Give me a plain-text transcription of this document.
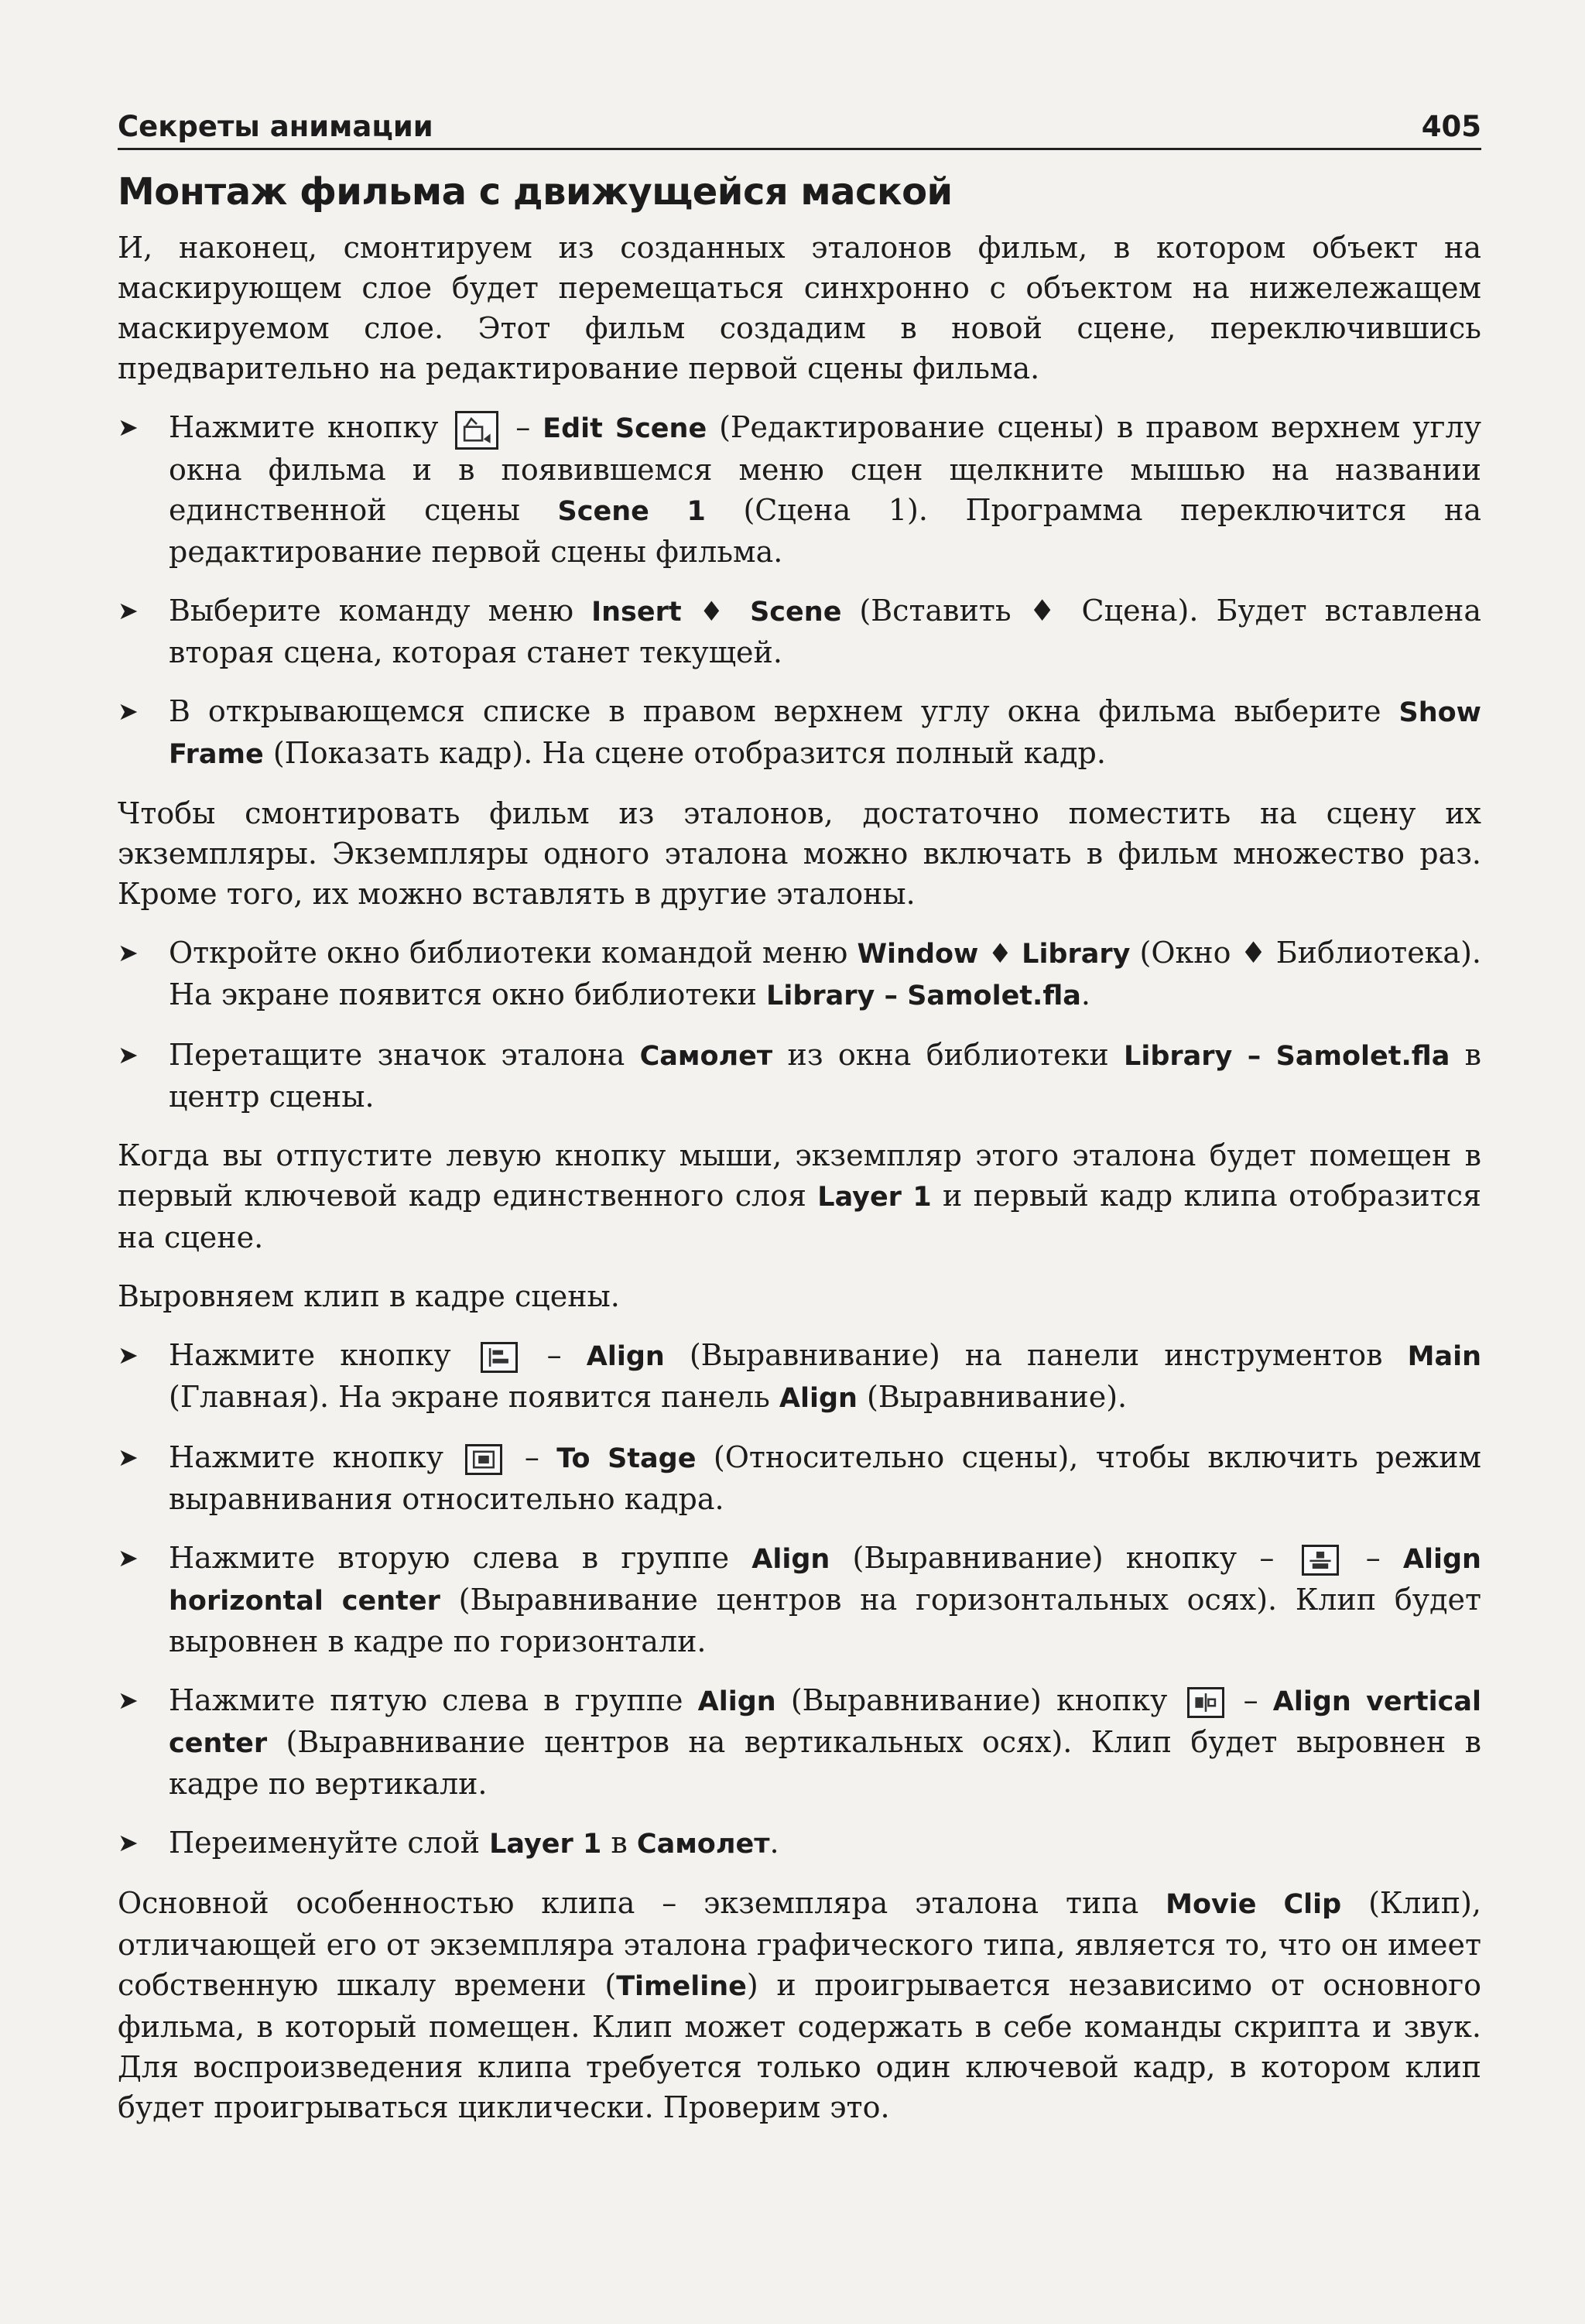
Секреты анимации	405
Монтаж фильма с движущейся маской

И, наконец, смонтируем из созданных эталонов фильм, в котором объект на маскирующем слое будет перемещаться синхронно с объектом на нижележащем маскируемом слое. Этот фильм создадим в новой сцене, переключившись предварительно на редактирование первой сцены фильма.

➤	Нажмите кнопку
– Edit Scene (Редактирование сцены) в правом верхнем углу окна фильма и в появившемся меню сцен щелкните мышью на названии единственной сцены Scene 1 (Сцена 1). Программа переключится на редактирование первой сцены фильма.
➤	Выберите команду меню Insert ♦ Scene (Вставить ♦ Сцена). Будет вставлена вторая сцена, которая станет текущей.
➤	В открывающемся списке в правом верхнем углу окна фильма выберите Show Frame (Показать кадр). На сцене отобразится полный кадр.

Чтобы смонтировать фильм из эталонов, достаточно поместить на сцену их экземпляры. Экземпляры одного эталона можно включать в фильм множество раз. Кроме того, их можно вставлять в другие эталоны.

➤	Откройте окно библиотеки командой меню Window ♦ Library (Окно ♦ Библиотека). На экране появится окно библиотеки Library – Samolet.fla.
➤	Перетащите значок эталона Самолет из окна библиотеки Library – Samolet.fla в центр сцены.

Когда вы отпустите левую кнопку мыши, экземпляр этого эталона будет помещен в первый ключевой кадр единственного слоя Layer 1 и первый кадр клипа отобразится на сцене.

Выровняем клип в кадре сцены.

➤	Нажмите кнопку
– Align (Выравнивание) на панели инструментов Main (Главная). На экране появится панель Align (Выравнивание).
➤	Нажмите кнопку
– To Stage (Относительно сцены), чтобы включить режим выравнивания относительно кадра.
➤	Нажмите вторую слева в группе Align (Выравнивание) кнопку –
– Align horizontal center (Выравнивание центров на горизонтальных осях). Клип будет выровнен в кадре по горизонтали.
➤	Нажмите пятую слева в группе Align (Выравнивание) кнопку
– Align vertical center (Выравнивание центров на вертикальных осях). Клип будет выровнен в кадре по вертикали.
➤	Переименуйте слой Layer 1 в Самолет.

Основной особенностью клипа – экземпляра эталона типа Movie Clip (Клип), отличающей его от экземпляра эталона графического типа, является то, что он имеет собственную шкалу времени (Timeline) и проигрывается независимо от основного фильма, в который помещен. Клип может содержать в себе команды скрипта и звук. Для воспроизведения клипа требуется только один ключевой кадр, в котором клип будет проигрываться циклически. Проверим это.
